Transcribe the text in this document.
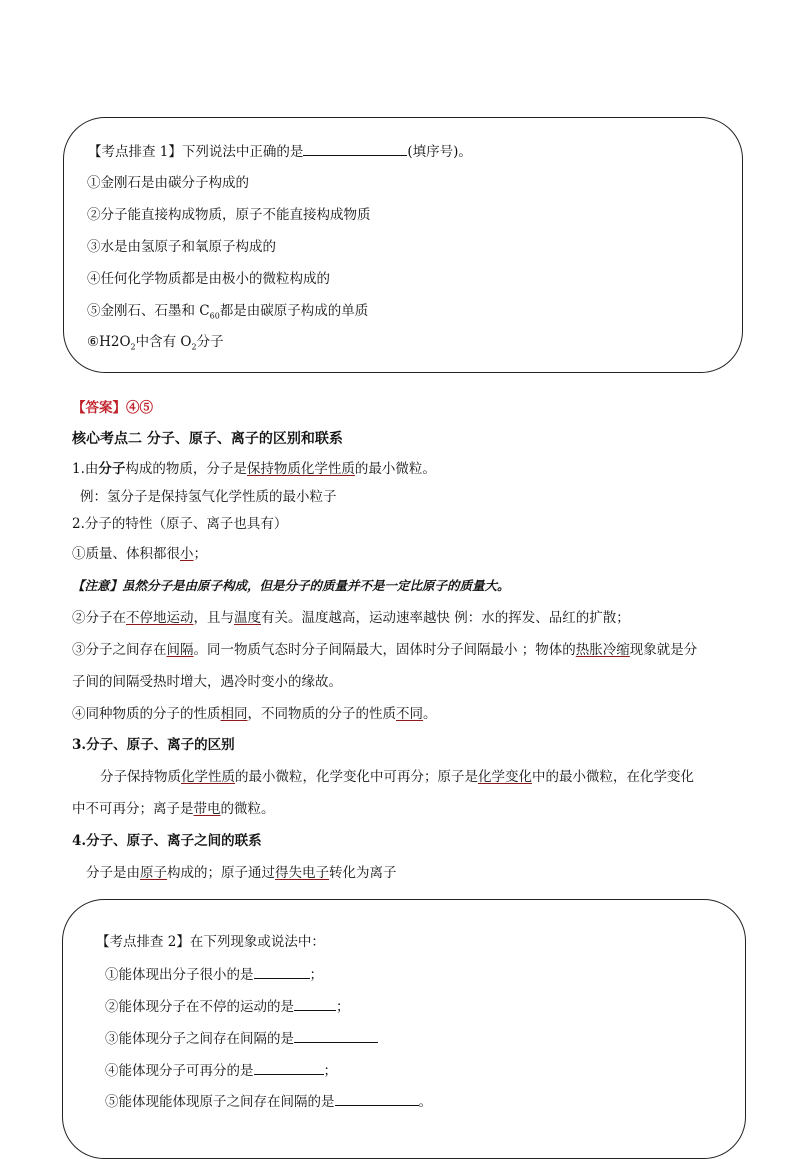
【考点排查 1】下列说法中正确的是	(填序号)。
①金刚石是由碳分子构成的
②分子能直接构成物质，原子不能直接构成物质
③水是由氢原子和氧原子构成的
④任何化学物质都是由极小的微粒构成的
⑤金刚石、石墨和 $C_{60}$都是由碳原子构成的单质
$⑥H2O_2$中含有 $O_2$分子
【答案】④⑤
核心考点二 分子、原子、离子的区别和联系
1.由分子构成的物质，分子是保持物质化学性质的最小微粒。
例：氢分子是保持氢气化学性质的最小粒子
2.分子的特性（原子、离子也具有）
①质量、体积都很小；
【注意】虽然分子是由原子构成，但是分子的质量并不是一定比原子的质量大。
②分子在不停地运动，且与温度有关。温度越高，运动速率越快 例：水的挥发、品红的扩散；
③分子之间存在间隔。同一物质气态时分子间隔最大，固体时分子间隔最小 ；物体的热胀冷缩现象就是分
子间的间隔受热时增大，遇冷时变小的缘故。
④同种物质的分子的性质相同，不同物质的分子的性质不同。
3.分子、原子、离子的区别
分子保持物质化学性质的最小微粒，化学变化中可再分；原子是化学变化中的最小微粒，在化学变化
中不可再分；离子是带电的微粒。
4.分子、原子、离子之间的联系
分子是由原子构成的；原子通过得失电子转化为离子
【考点排查 2】在下列现象或说法中：
①能体现出分子很小的是	；
②能体现分子在不停的运动的是	；
③能体现分子之间存在间隔的是
④能体现分子可再分的是	；
⑤能体现能体现原子之间存在间隔的是	。
